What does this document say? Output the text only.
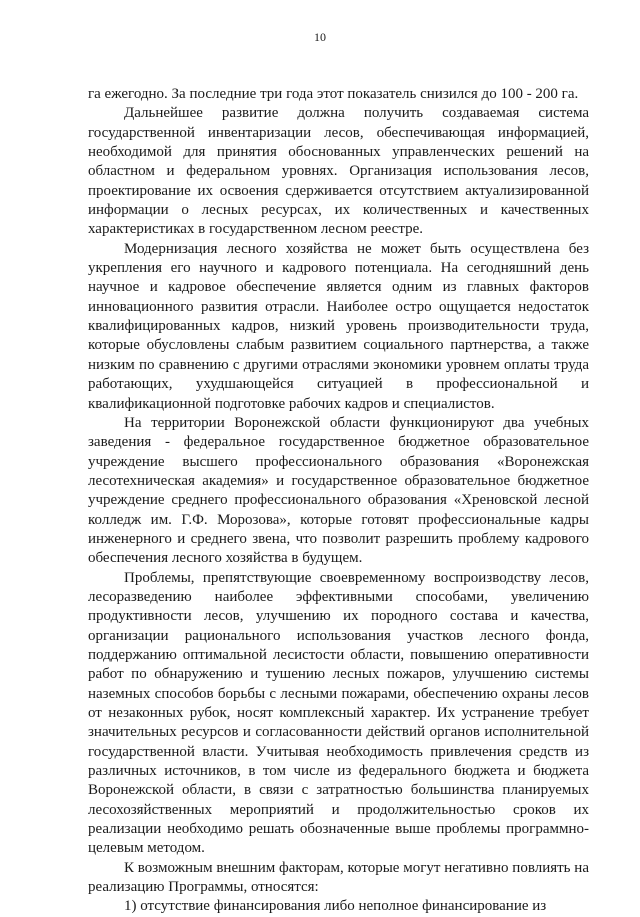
10

га ежегодно. За последние три года этот показатель снизился до 100 - 200 га.

Дальнейшее развитие должна получить создаваемая система государственной инвентаризации лесов, обеспечивающая информацией, необходимой для принятия обоснованных управленческих решений на областном и федеральном уровнях. Организация использования лесов, проектирование их освоения сдерживается отсутствием актуализированной информации о лесных ресурсах, их количественных и качественных характеристиках в государственном лесном реестре.

Модернизация лесного хозяйства не может быть осуществлена без укрепления его научного и кадрового потенциала. На сегодняшний день научное и кадровое обеспечение является одним из главных факторов инновационного развития отрасли. Наиболее остро ощущается недостаток квалифицированных кадров, низкий уровень производительности труда, которые обусловлены слабым развитием социального партнерства, а также низким по сравнению с другими отраслями экономики уровнем оплаты труда работающих, ухудшающейся ситуацией в профессиональной и квалификационной подготовке рабочих кадров и специалистов.

На территории Воронежской области функционируют два учебных заведения - федеральное государственное бюджетное образовательное учреждение высшего профессионального образования «Воронежская лесотехническая академия» и государственное образовательное бюджетное учреждение среднего профессионального образования «Хреновской лесной колледж им. Г.Ф. Морозова», которые готовят профессиональные кадры инженерного и среднего звена, что позволит разрешить проблему кадрового обеспечения лесного хозяйства в будущем.

Проблемы, препятствующие своевременному воспроизводству лесов, лесоразведению наиболее эффективными способами, увеличению продуктивности лесов, улучшению их породного состава и качества, организации рационального использования участков лесного фонда, поддержанию оптимальной лесистости области, повышению оперативности работ по обнаружению и тушению лесных пожаров, улучшению системы наземных способов борьбы с лесными пожарами, обеспечению охраны лесов от незаконных рубок, носят комплексный характер. Их устранение требует значительных ресурсов и согласованности действий органов исполнительной государственной власти. Учитывая необходимость привлечения средств из различных источников, в том числе из федерального бюджета и бюджета Воронежской области, в связи с затратностью большинства планируемых лесохозяйственных мероприятий и продолжительностью сроков их реализации необходимо решать обозначенные выше проблемы программно-целевым методом.

К возможным внешним факторам, которые могут негативно повлиять на реализацию Программы, относятся:

1) отсутствие финансирования либо неполное финансирование из
